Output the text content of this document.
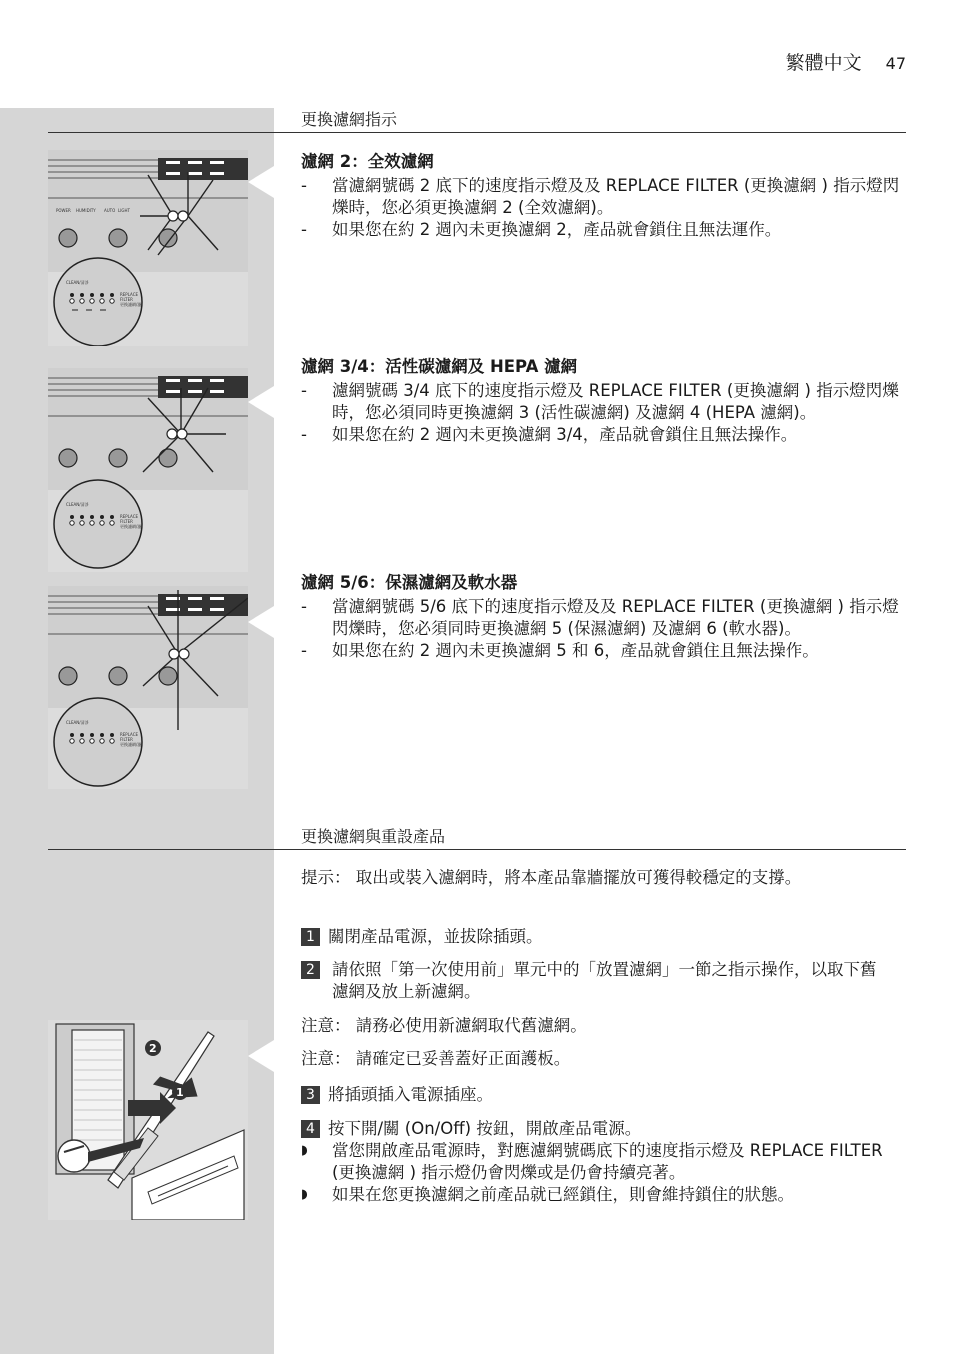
繁體中文 47
更換濾網指示
POWER HUMIDITY AUTO LIGHT
CLEAN/清淨
REPLACE
FILTER
更換濾網/濾
濾網 2：全效濾網
- 當濾網號碼 2 底下的速度指示燈及及 REPLACE FILTER (更換濾網 ) 指示燈閃爍時，您必須更換濾網 2 (全效濾網)。
- 如果您在約 2 週內未更換濾網 2，產品就會鎖住且無法運作。
CLEAN/清淨
REPLACE
FILTER
更換濾網/濾
濾網 3/4：活性碳濾網及 HEPA 濾網
- 濾網號碼 3/4 底下的速度指示燈及 REPLACE FILTER (更換濾網 ) 指示燈閃爍時，您必須同時更換濾網 3 (活性碳濾網) 及濾網 4 (HEPA 濾網)。
- 如果您在約 2 週內未更換濾網 3/4，產品就會鎖住且無法操作。
CLEAN/清淨
REPLACE
FILTER
更換濾網/濾
濾網 5/6：保濕濾網及軟水器
- 當濾網號碼 5/6 底下的速度指示燈及及 REPLACE FILTER (更換濾網 ) 指示燈閃爍時，您必須同時更換濾網 5 (保濕濾網) 及濾網 6 (軟水器)。
- 如果您在約 2 週內未更換濾網 5 和 6，產品就會鎖住且無法操作。
更換濾網與重設產品
提示： 取出或裝入濾網時，將本產品靠牆擺放可獲得較穩定的支撐。
1 關閉產品電源，並拔除插頭。
2	請依照「第一次使用前」單元中的「放置濾網」一節之指示操作，以取下舊濾網及放上新濾網。
注意： 請務必使用新濾網取代舊濾網。
注意： 請確定已妥善蓋好正面護板。
3 將插頭插入電源插座。
4 按下開/關 (On/Off) 按鈕，開啟產品電源。
◗ 當您開啟產品電源時，對應濾網號碼底下的速度指示燈及 REPLACE FILTER (更換濾網 ) 指示燈仍會閃爍或是仍會持續亮著。
◗ 如果在您更換濾網之前產品就已經鎖住，則會維持鎖住的狀態。
2
1
